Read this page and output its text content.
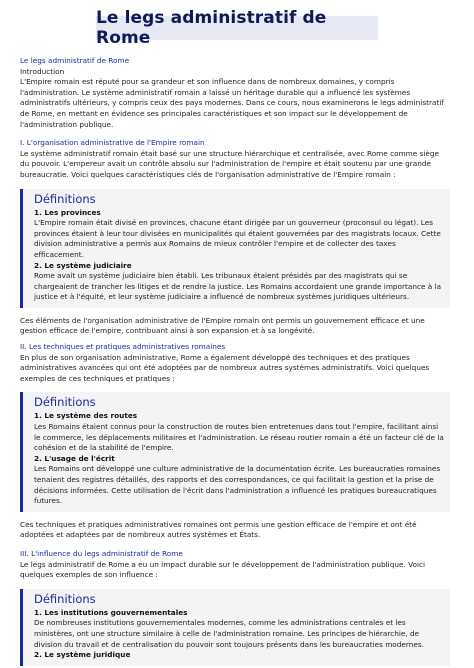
Le legs administratif de Rome

Le legs administratif de Rome

Introduction

L'Empire romain est réputé pour sa grandeur et son influence dans de nombreux domaines, y compris l'administration. Le système administratif romain a laissé un héritage durable qui a influencé les systèmes administratifs ultérieurs, y compris ceux des pays modernes. Dans ce cours, nous examinerons le legs administratif de Rome, en mettant en évidence ses principales caractéristiques et son impact sur le développement de l'administration publique.

I. L'organisation administrative de l'Empire romain

Le système administratif romain était basé sur une structure hiérarchique et centralisée, avec Rome comme siège du pouvoir. L'empereur avait un contrôle absolu sur l'administration de l'empire et était soutenu par une grande bureaucratie. Voici quelques caractéristiques clés de l'organisation administrative de l'Empire romain :

Définitions

1. Les provinces

L'Empire romain était divisé en provinces, chacune étant dirigée par un gouverneur (proconsul ou légat). Les provinces étaient à leur tour divisées en municipalités qui étaient gouvernées par des magistrats locaux. Cette division administrative a permis aux Romains de mieux contrôler l'empire et de collecter des taxes efficacement.

2. Le système judiciaire

Rome avait un système judiciaire bien établi. Les tribunaux étaient présidés par des magistrats qui se chargeaient de trancher les litiges et de rendre la justice. Les Romains accordaient une grande importance à la justice et à l'équité, et leur système judiciaire a influencé de nombreux systèmes juridiques ultérieurs.

Ces éléments de l'organisation administrative de l'Empire romain ont permis un gouvernement efficace et une gestion efficace de l'empire, contribuant ainsi à son expansion et à sa longévité.

II. Les techniques et pratiques administratives romaines

En plus de son organisation administrative, Rome a également développé des techniques et des pratiques administratives avancées qui ont été adoptées par de nombreux autres systèmes administratifs. Voici quelques exemples de ces techniques et pratiques :

Définitions

1. Le système des routes

Les Romains étaient connus pour la construction de routes bien entretenues dans tout l'empire, facilitant ainsi le commerce, les déplacements militaires et l'administration. Le réseau routier romain a été un facteur clé de la cohésion et de la stabilité de l'empire.

2. L'usage de l'écrit

Les Romains ont développé une culture administrative de la documentation écrite. Les bureaucraties romaines tenaient des registres détaillés, des rapports et des correspondances, ce qui facilitait la gestion et la prise de décisions informées. Cette utilisation de l'écrit dans l'administration a influencé les pratiques bureaucratiques futures.

Ces techniques et pratiques administratives romaines ont permis une gestion efficace de l'empire et ont été adoptées et adaptées par de nombreux autres systèmes et États.

III. L'influence du legs administratif de Rome

Le legs administratif de Rome a eu un impact durable sur le développement de l'administration publique. Voici quelques exemples de son influence :

Définitions

1. Les institutions gouvernementales

De nombreuses institutions gouvernementales modernes, comme les administrations centrales et les ministères, ont une structure similaire à celle de l'administration romaine. Les principes de hiérarchie, de division du travail et de centralisation du pouvoir sont toujours présents dans les bureaucraties modernes.

2. Le système juridique
